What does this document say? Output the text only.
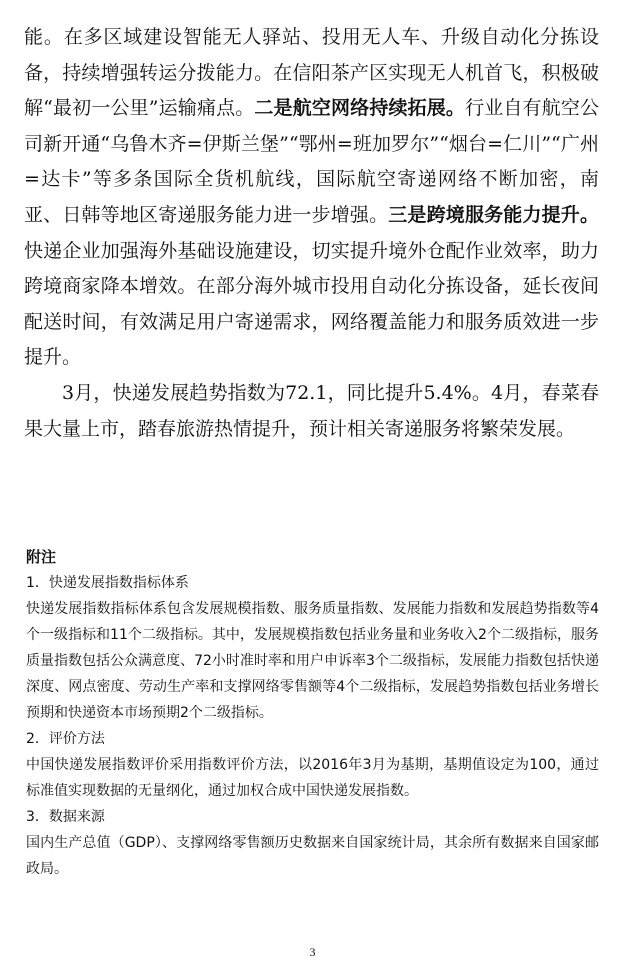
能。在多区域建设智能无人驿站、投用无人车、升级自动化分拣设备，持续增强转运分拨能力。在信阳茶产区实现无人机首飞，积极破解“最初一公里”运输痛点。二是航空网络持续拓展。行业自有航空公司新开通“乌鲁木齐=伊斯兰堡”“鄂州=班加罗尔”“烟台=仁川”“广州=达卡”等多条国际全货机航线，国际航空寄递网络不断加密，南亚、日韩等地区寄递服务能力进一步增强。三是跨境服务能力提升。快递企业加强海外基础设施建设，切实提升境外仓配作业效率，助力跨境商家降本增效。在部分海外城市投用自动化分拣设备，延长夜间配送时间，有效满足用户寄递需求，网络覆盖能力和服务质效进一步提升。

3月，快递发展趋势指数为72.1，同比提升5.4%。4月，春菜春果大量上市，踏春旅游热情提升，预计相关寄递服务将繁荣发展。

附注

1．快递发展指数指标体系

快递发展指数指标体系包含发展规模指数、服务质量指数、发展能力指数和发展趋势指数等4个一级指标和11个二级指标。其中，发展规模指数包括业务量和业务收入2个二级指标，服务质量指数包括公众满意度、72小时准时率和用户申诉率3个二级指标，发展能力指数包括快递深度、网点密度、劳动生产率和支撑网络零售额等4个二级指标，发展趋势指数包括业务增长预期和快递资本市场预期2个二级指标。

2．评价方法

中国快递发展指数评价采用指数评价方法，以2016年3月为基期，基期值设定为100，通过标准值实现数据的无量纲化，通过加权合成中国快递发展指数。

3．数据来源

国内生产总值（GDP）、支撑网络零售额历史数据来自国家统计局，其余所有数据来自国家邮政局。

3
